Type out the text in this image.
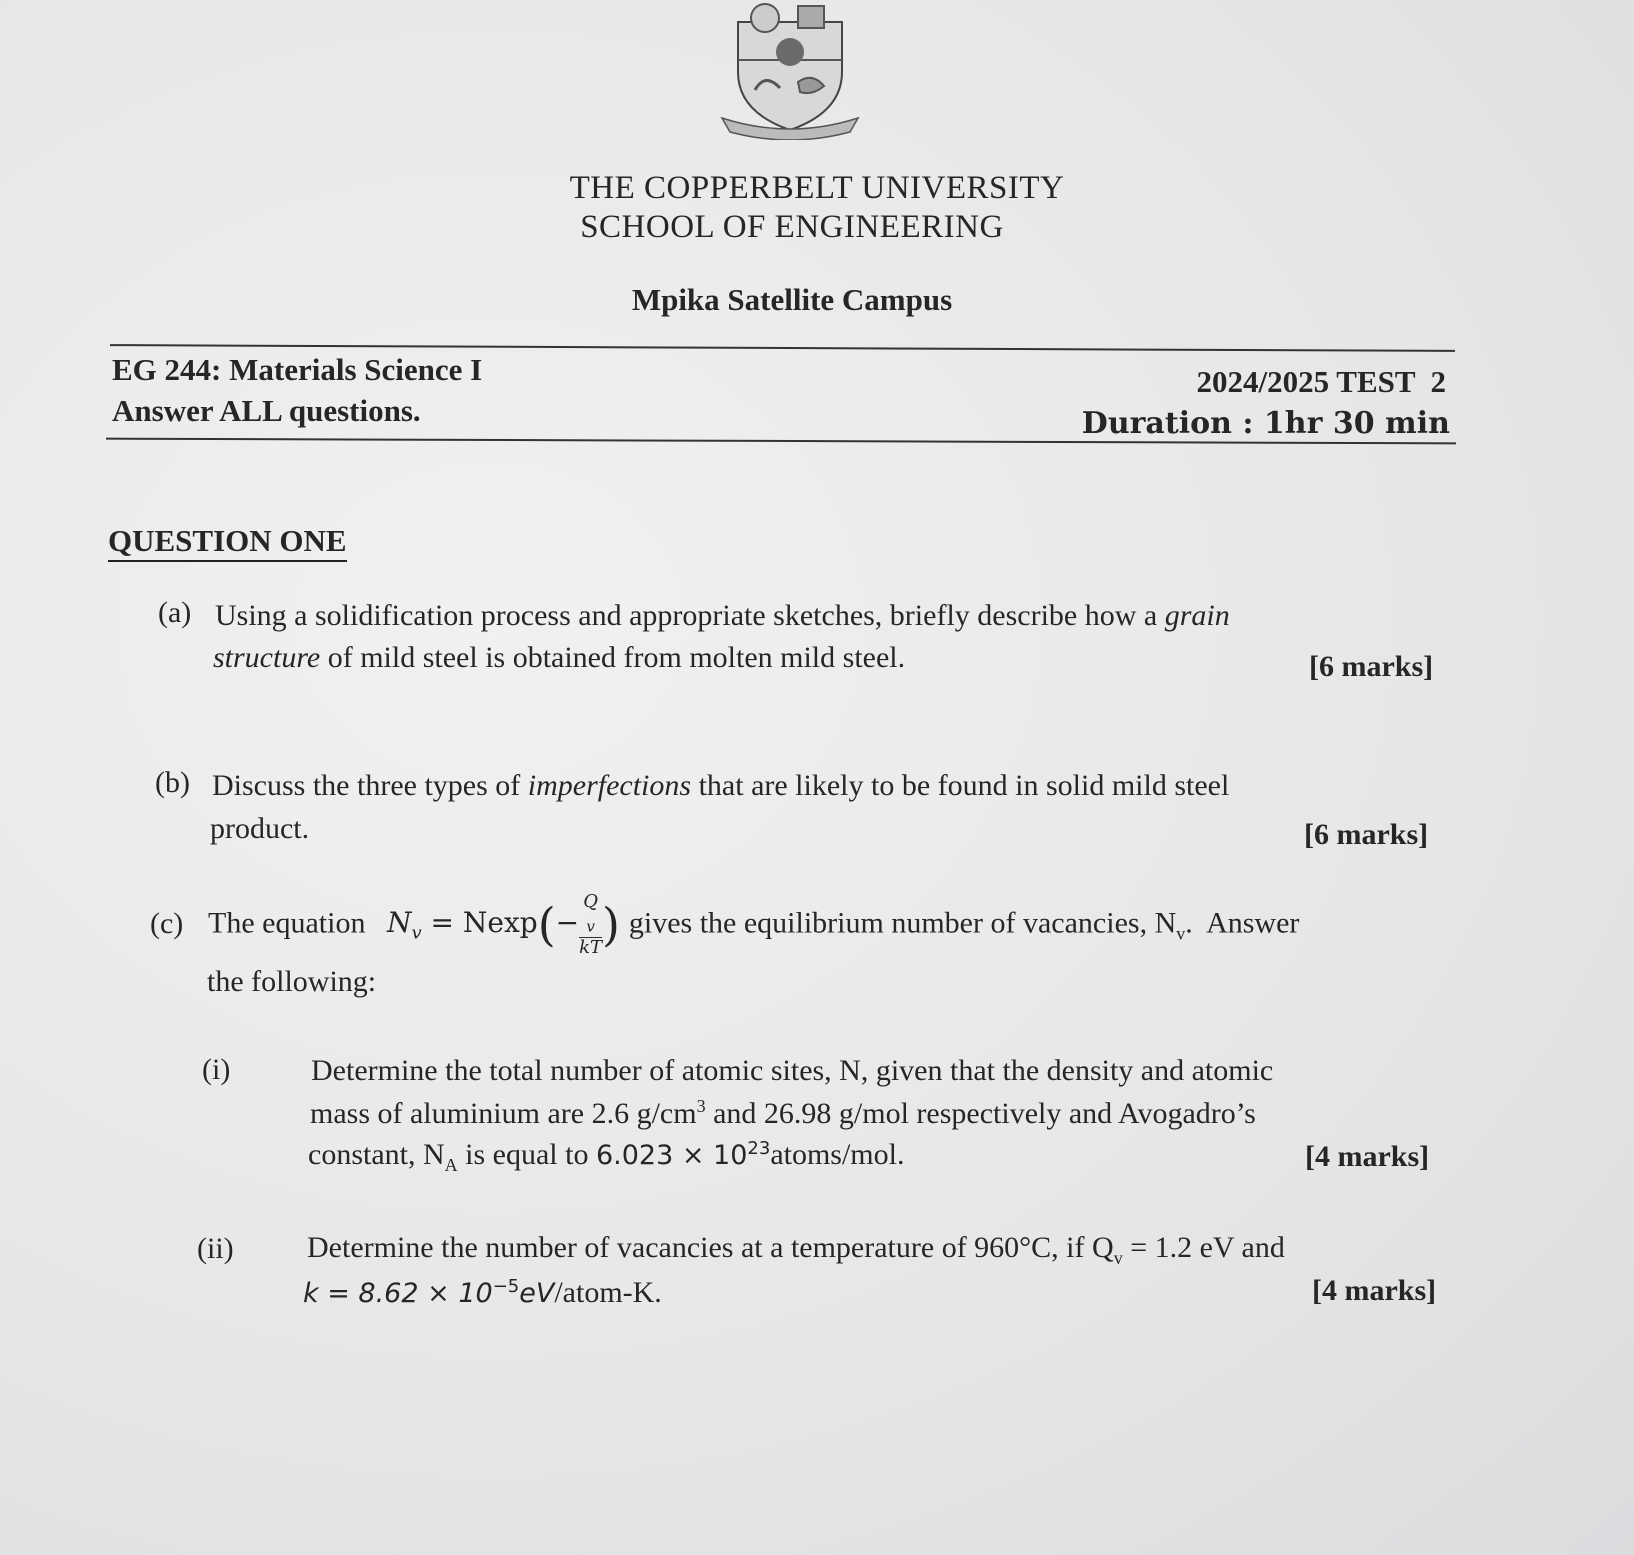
THE COPPERBELT UNIVERSITY
SCHOOL OF ENGINEERING
Mpika Satellite Campus
EG 244: Materials Science I
Answer ALL questions.
2024/2025 TEST  2
Duration : 1hr 30 min
QUESTION ONE
(a) Using a solidification process and appropriate sketches, briefly describe how a grain
structure of mild steel is obtained from molten mild steel.	[6 marks]
(b) Discuss the three types of imperfections that are likely to be found in solid mild steel
product.	[6 marks]
(c) The equation $N_v = Nexp(- Q$
$_v$
kT ) gives the equilibrium number of vacancies, $N_v$.  Answer
the following:
(i)	Determine the total number of atomic sites, N, given that the density and atomic
mass of aluminium are 2.6 $g/cm^3$ and 26.98 g/mol respectively and Avogadro’s
constant, $N_A$ is equal to $6.023 \times 10^{23}atoms$/mol.	[4 marks]
(ii) Determine the number of vacancies at a temperature of 960°C, if $Q_v = 1.2$ eV and
$k = 8.62 \times 10^{-5}eV/atom-K$.	[4 marks]
